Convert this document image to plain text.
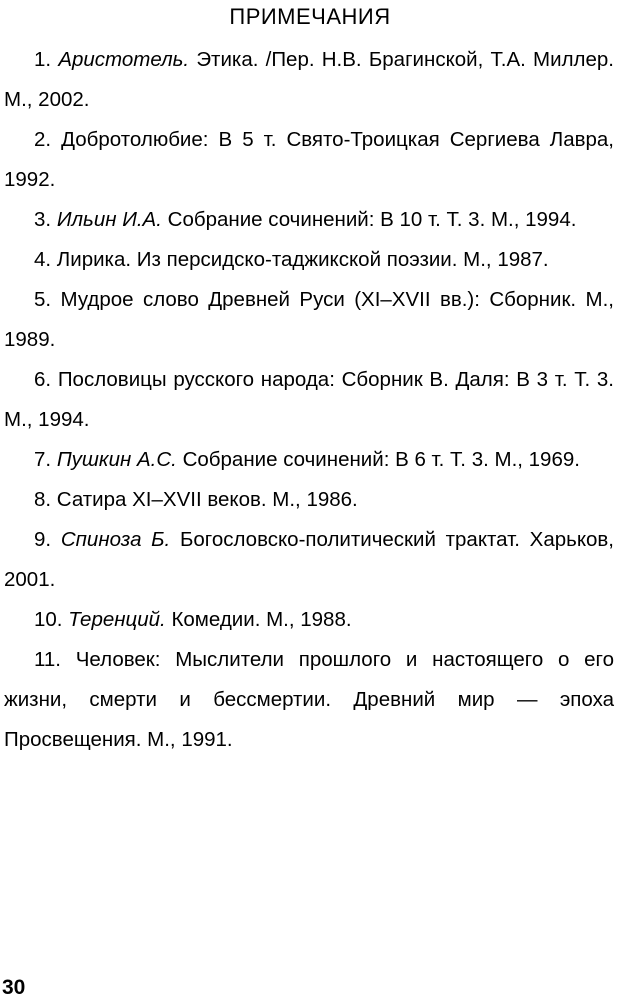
ПРИМЕЧАНИЯ
1. Аристотель. Этика. /Пер. Н.В. Брагинской, Т.А. Миллер. М., 2002.
2. Добротолюбие: В 5 т. Свято-Троицкая Сергиева Лавра, 1992.
3. Ильин И.А. Собрание сочинений: В 10 т. Т. 3. М., 1994.
4. Лирика. Из персидско-таджикской поэзии. М., 1987.
5. Мудрое слово Древней Руси (XI–XVII вв.): Сборник. М., 1989.
6. Пословицы русского народа: Сборник В. Даля: В 3 т. Т. 3. М., 1994.
7. Пушкин А.С. Собрание сочинений: В 6 т. Т. 3. М., 1969.
8. Сатира XI–XVII веков. М., 1986.
9. Спиноза Б. Богословско-политический трактат. Харьков, 2001.
10. Теренций. Комедии. М., 1988.
11. Человек: Мыслители прошлого и настоящего о его жизни, смерти и бессмертии. Древний мир — эпоха Просвещения. М., 1991.
30
